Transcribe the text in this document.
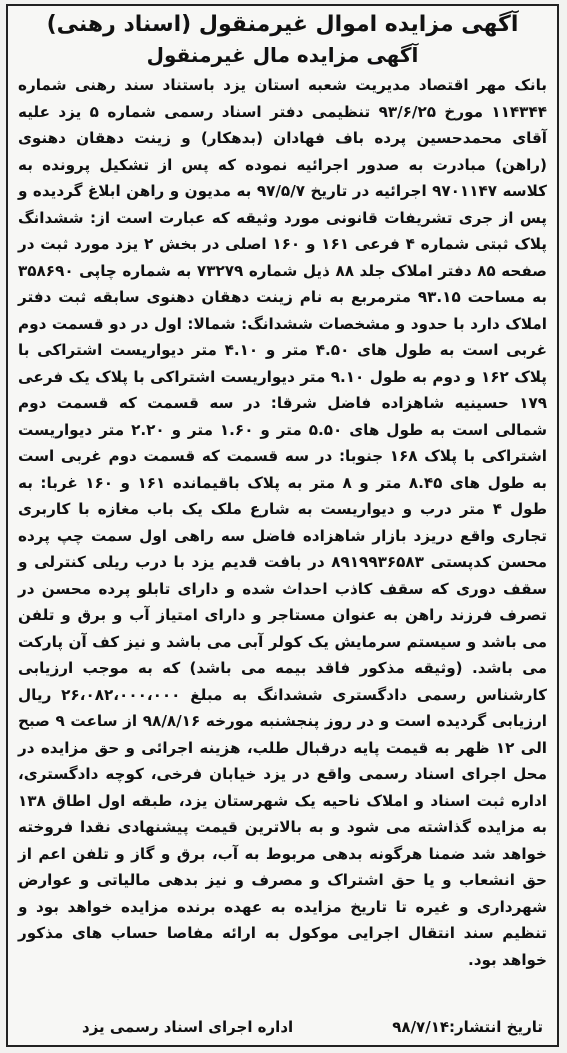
آگهی مزایده اموال غیرمنقول (اسناد رهنی)
آگهی مزایده مال غیرمنقول
بانک مهر اقتصاد مدیریت شعبه استان یزد باستناد سند رهنی شماره ۱۱۴۳۴۴ مورخ ۹۳/۶/۲۵ تنظیمی دفتر اسناد رسمی شماره ۵ یزد علیه آقای محمدحسین پرده باف فهادان (بدهکار) و زینت دهقان دهنوی (راهن) مبادرت به صدور اجرائیه نموده که پس از تشکیل پرونده به کلاسه ۹۷۰۱۱۴۷ اجرائیه در تاریخ ۹۷/۵/۷ به مدیون و راهن ابلاغ گردیده و پس از جری تشریفات قانونی مورد وثیقه که عبارت است از: ششدانگ پلاک ثبتی شماره ۴ فرعی ۱۶۱ و ۱۶۰ اصلی در بخش ۲ یزد مورد ثبت در صفحه ۸۵ دفتر املاک جلد ۸۸ ذیل شماره ۷۳۲۷۹ به شماره چاپی ۳۵۸۶۹۰ به مساحت ۹۳.۱۵ مترمربع به نام زینت دهقان دهنوی سابقه ثبت دفتر املاک دارد با حدود و مشخصات ششدانگ: شمالا: اول در دو قسمت دوم غربی است به طول های ۴.۵۰ متر و ۴.۱۰ متر دیواریست اشتراکی با پلاک ۱۶۲ و دوم به طول ۹.۱۰ متر دیواریست اشتراکی با پلاک یک فرعی ۱۷۹ حسینیه شاهزاده فاضل شرقا: در سه قسمت که قسمت دوم شمالی است به طول های ۵.۵۰ متر و ۱.۶۰ متر و ۲.۲۰ متر دیواریست اشتراکی با پلاک ۱۶۸ جنوبا: در سه قسمت که قسمت دوم غربی است به طول های ۸.۴۵ متر و ۸ متر به پلاک باقیمانده ۱۶۱ و ۱۶۰ غربا: به طول ۴ متر درب و دیواریست به شارع ملک یک باب مغازه با کاربری تجاری واقع دریزد بازار شاهزاده فاضل سه راهی اول سمت چپ پرده محسن کدپستی ۸۹۱۹۹۳۶۵۸۳ در بافت قدیم یزد با درب ریلی کنترلی و سقف دوری که سقف کاذب احداث شده و دارای تابلو پرده محسن در تصرف فرزند راهن به عنوان مستاجر و دارای امتیاز آب و برق و تلفن می باشد و سیستم سرمایش یک کولر آبی می باشد و نیز کف آن پارکت می باشد. (وثیقه مذکور فاقد بیمه می باشد) که به موجب ارزیابی کارشناس رسمی دادگستری ششدانگ به مبلغ ۲۶،۰۸۲،۰۰۰،۰۰۰ ریال ارزیابی گردیده است و در روز پنجشنبه مورخه ۹۸/۸/۱۶ از ساعت ۹ صبح الی ۱۲ ظهر به قیمت پایه درقبال طلب، هزینه اجرائی و حق مزایده در محل اجرای اسناد رسمی واقع در یزد خیابان فرخی، کوچه دادگستری، اداره ثبت اسناد و املاک ناحیه یک شهرستان یزد، طبقه اول اطاق ۱۳۸ به مزایده گذاشته می شود و به بالاترین قیمت پیشنهادی نقدا فروخته خواهد شد ضمنا هرگونه بدهی مربوط به آب، برق و گاز و تلفن اعم از حق انشعاب و یا حق اشتراک و مصرف و نیز بدهی مالیاتی و عوارض شهرداری و غیره تا تاریخ مزایده به عهده برنده مزایده خواهد بود و تنظیم سند انتقال اجرایی موکول به ارائه مفاصا حساب های مذکور خواهد بود.
تاریخ انتشار:۹۸/۷/۱۴
اداره اجرای اسناد رسمی یزد
